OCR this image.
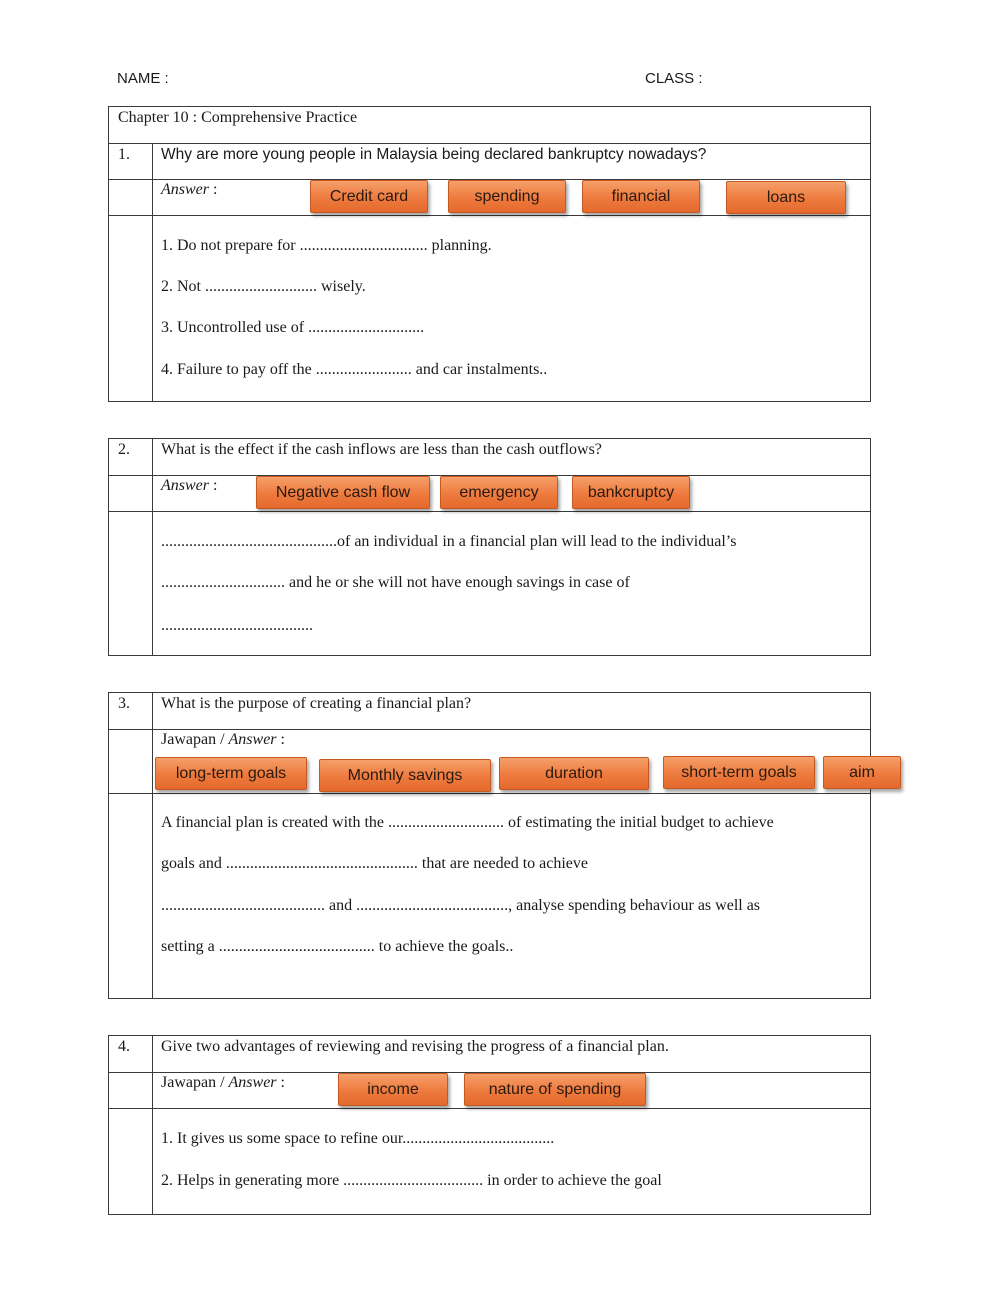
NAME :	CLASS :
Chapter 10 : Comprehensive Practice
1. Why are more young people in Malaysia being declared bankruptcy nowadays?
Answer :
1. Do not prepare for ................................ planning.
2. Not ............................ wisely.
3. Uncontrolled use of .............................
4. Failure to pay off the ........................ and car instalments..
2. What is the effect if the cash inflows are less than the cash outflows?
Answer :
............................................of an individual in a financial plan will lead to the individual’s
............................... and he or she will not have enough savings in case of
......................................
3. What is the purpose of creating a financial plan?
Jawapan / Answer :
A financial plan is created with the ............................. of estimating the initial budget to achieve
goals and ................................................ that are needed to achieve
......................................... and ......................................, analyse spending behaviour as well as
setting a ....................................... to achieve the goals..
4. Give two advantages of reviewing and revising the progress of a financial plan.
Jawapan / Answer :
1. It gives us some space to refine our......................................
2. Helps in generating more ................................... in order to achieve the goal
Credit card	spending	financial	loans
Negative cash flow	emergency	bankcruptcy
long-term goals	Monthly savings	duration	short-term goals	aim
income	nature of spending
